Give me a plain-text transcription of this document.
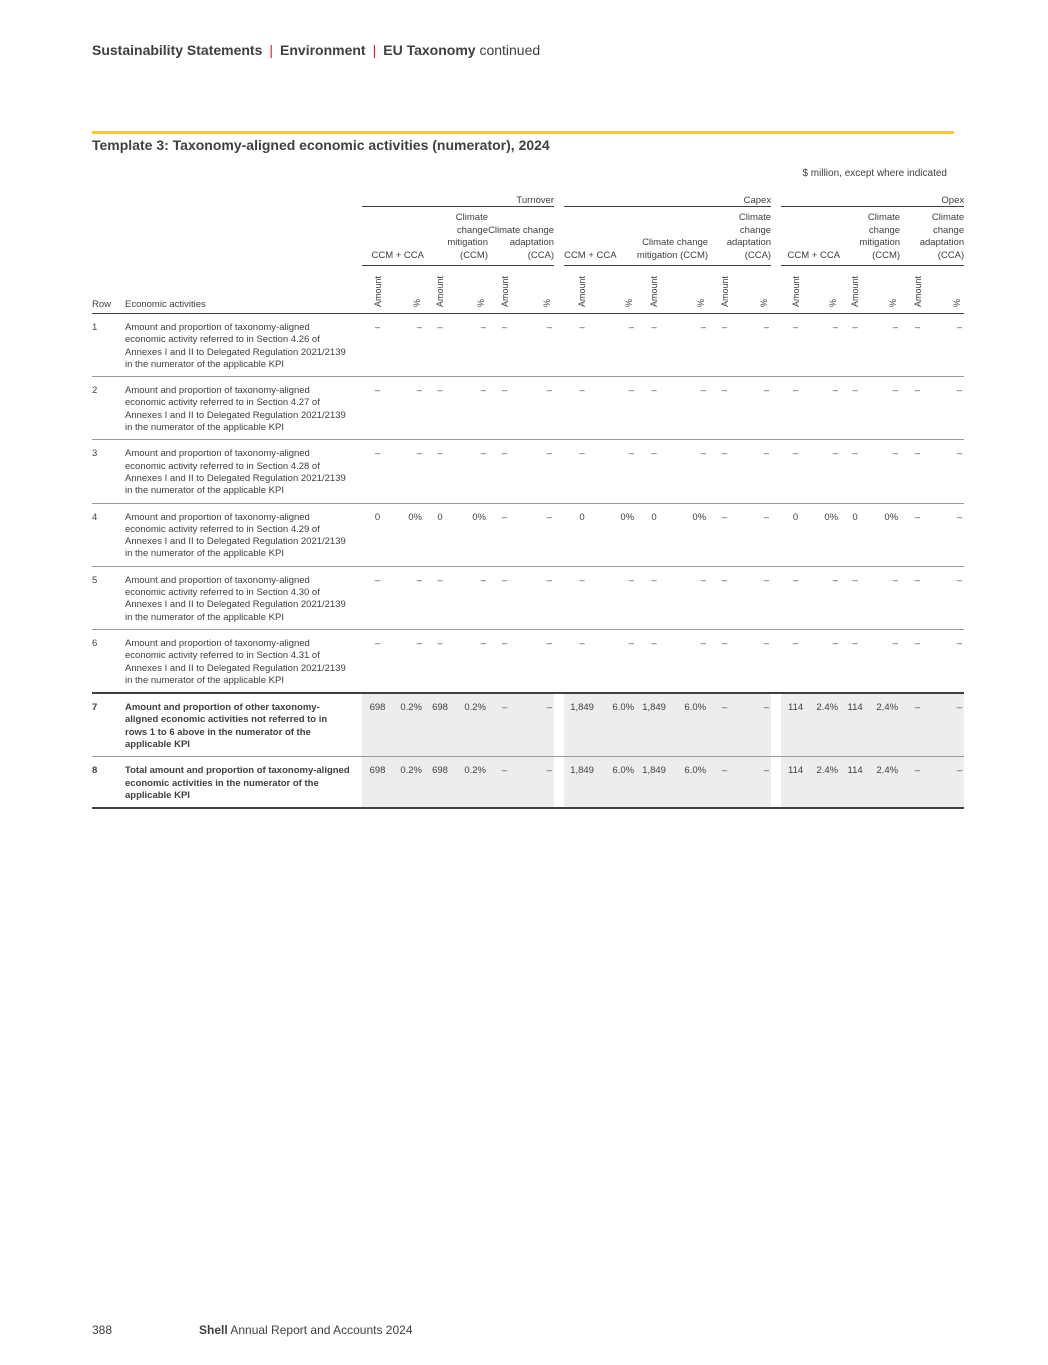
Sustainability Statements | Environment | EU Taxonomy continued
Template 3: Taxonomy-aligned economic activities (numerator), 2024
$ million, except where indicated
		Turnover							Capex							Opex					
		CCM + CCA		Climate change mitigation (CCM)		Climate change adaptation (CCA)			CCM + CCA		Climate change mitigation (CCM)		Climate change adaptation (CCA)			CCM + CCA		Climate change mitigation (CCM)		Climate change adaptation (CCA)	
Row	Economic activities	Amount	%	Amount	%	Amount	%		Amount	%	Amount	%	Amount	%		Amount	%	Amount	%	Amount	%
1	Amount and proportion of taxonomy-aligned economic activity referred to in Section 4.26 of Annexes I and II to Delegated Regulation 2021/2139 in the numerator of the applicable KPI	–	–	–	–	–	–		–	–	–	–	–	–		–	–	–	–	–	–
2	Amount and proportion of taxonomy-aligned economic activity referred to in Section 4.27 of Annexes I and II to Delegated Regulation 2021/2139 in the numerator of the applicable KPI	–	–	–	–	–	–		–	–	–	–	–	–		–	–	–	–	–	–
3	Amount and proportion of taxonomy-aligned economic activity referred to in Section 4.28 of Annexes I and II to Delegated Regulation 2021/2139 in the numerator of the applicable KPI	–	–	–	–	–	–		–	–	–	–	–	–		–	–	–	–	–	–
4	Amount and proportion of taxonomy-aligned economic activity referred to in Section 4.29 of Annexes I and II to Delegated Regulation 2021/2139 in the numerator of the applicable KPI	0	0%	0	0%	–	–		0	0%	0	0%	–	–		0	0%	0	0%	–	–
5	Amount and proportion of taxonomy-aligned economic activity referred to in Section 4.30 of Annexes I and II to Delegated Regulation 2021/2139 in the numerator of the applicable KPI	–	–	–	–	–	–		–	–	–	–	–	–		–	–	–	–	–	–
6	Amount and proportion of taxonomy-aligned economic activity referred to in Section 4.31 of Annexes I and II to Delegated Regulation 2021/2139 in the numerator of the applicable KPI	–	–	–	–	–	–		–	–	–	–	–	–		–	–	–	–	–	–
7	Amount and proportion of other taxonomy-aligned economic activities not referred to in rows 1 to 6 above in the numerator of the applicable KPI	698	0.2%	698	0.2%	–	–		1,849	6.0%	1,849	6.0%	–	–		114	2.4%	114	2.4%	–	–
8	Total amount and proportion of taxonomy-aligned economic activities in the numerator of the applicable KPI	698	0.2%	698	0.2%	–	–		1,849	6.0%	1,849	6.0%	–	–		114	2.4%	114	2.4%	–	–
388	Shell Annual Report and Accounts 2024
